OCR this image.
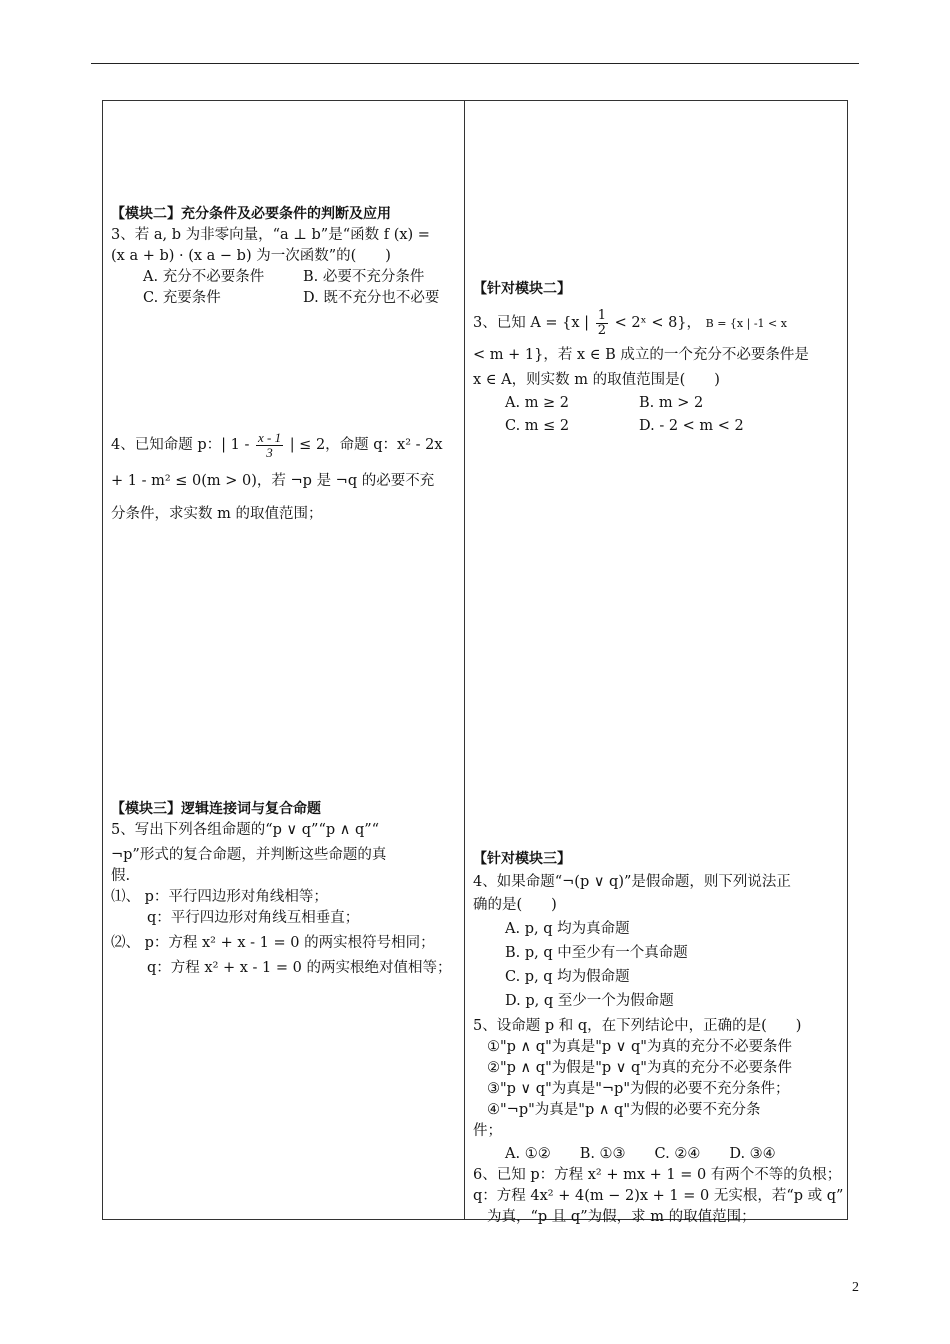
【模块二】充分条件及必要条件的判断及应用
3、若 a, b 为非零向量，“a ⊥ b”是“函数 f (x) =
(x a + b) · (x a − b) 为一次函数”的(　　)
A. 充分不必要条件	B. 必要不充分条件
C. 充要条件	D. 既不充分也不必要
4、已知命题 p：| $1 - \frac{x - 1}{3}$ | ≤ 2，命题 q：x² - 2x
+ 1 - m² ≤ 0(m > 0)，若 ¬p 是 ¬q 的必要不充
分条件，求实数 m 的取值范围；
【模块三】逻辑连接词与复合命题
5、写出下列各组命题的“p ∨ q”“p ∧ q”“
¬p”形式的复合命题，并判断这些命题的真
假.
⑴、 p：平行四边形对角线相等；
q：平行四边形对角线互相垂直；
⑵、 p：方程 x² + x - 1 = 0 的两实根符号相同；
q：方程 x² + x - 1 = 0 的两实根绝对值相等；
【针对模块二】
3、已知 A = {x | $\frac{1}{2}$ < 2ˣ < 8}， B = {x | -1 < x
< m + 1}，若 x ∈ B 成立的一个充分不必要条件是
x ∈ A，则实数 m 的取值范围是(　　)
A. m ≥ 2	B. m > 2
C. m ≤ 2	D. - 2 < m < 2
【针对模块三】
4、如果命题“¬(p ∨ q)”是假命题，则下列说法正
确的是(　　)
A. p, q 均为真命题
B. p, q 中至少有一个真命题
C. p, q 均为假命题
D. p, q 至少一个为假命题
5、设命题 p 和 q，在下列结论中，正确的是(　　)
①"p ∧ q"为真是"p ∨ q"为真的充分不必要条件
②"p ∧ q"为假是"p ∨ q"为真的充分不必要条件
③"p ∨ q"为真是"¬p"为假的必要不充分条件；
④"¬p"为真是"p ∧ q"为假的必要不充分条
件；
A. ①②　　B. ①③　　C. ②④　　D. ③④
6、已知 p：方程 x² + mx + 1 = 0 有两个不等的负根；
q：方程 4x² + 4(m − 2)x + 1 = 0 无实根，若“p 或 q”
为真，“p 且 q”为假，求 m 的取值范围；
2
